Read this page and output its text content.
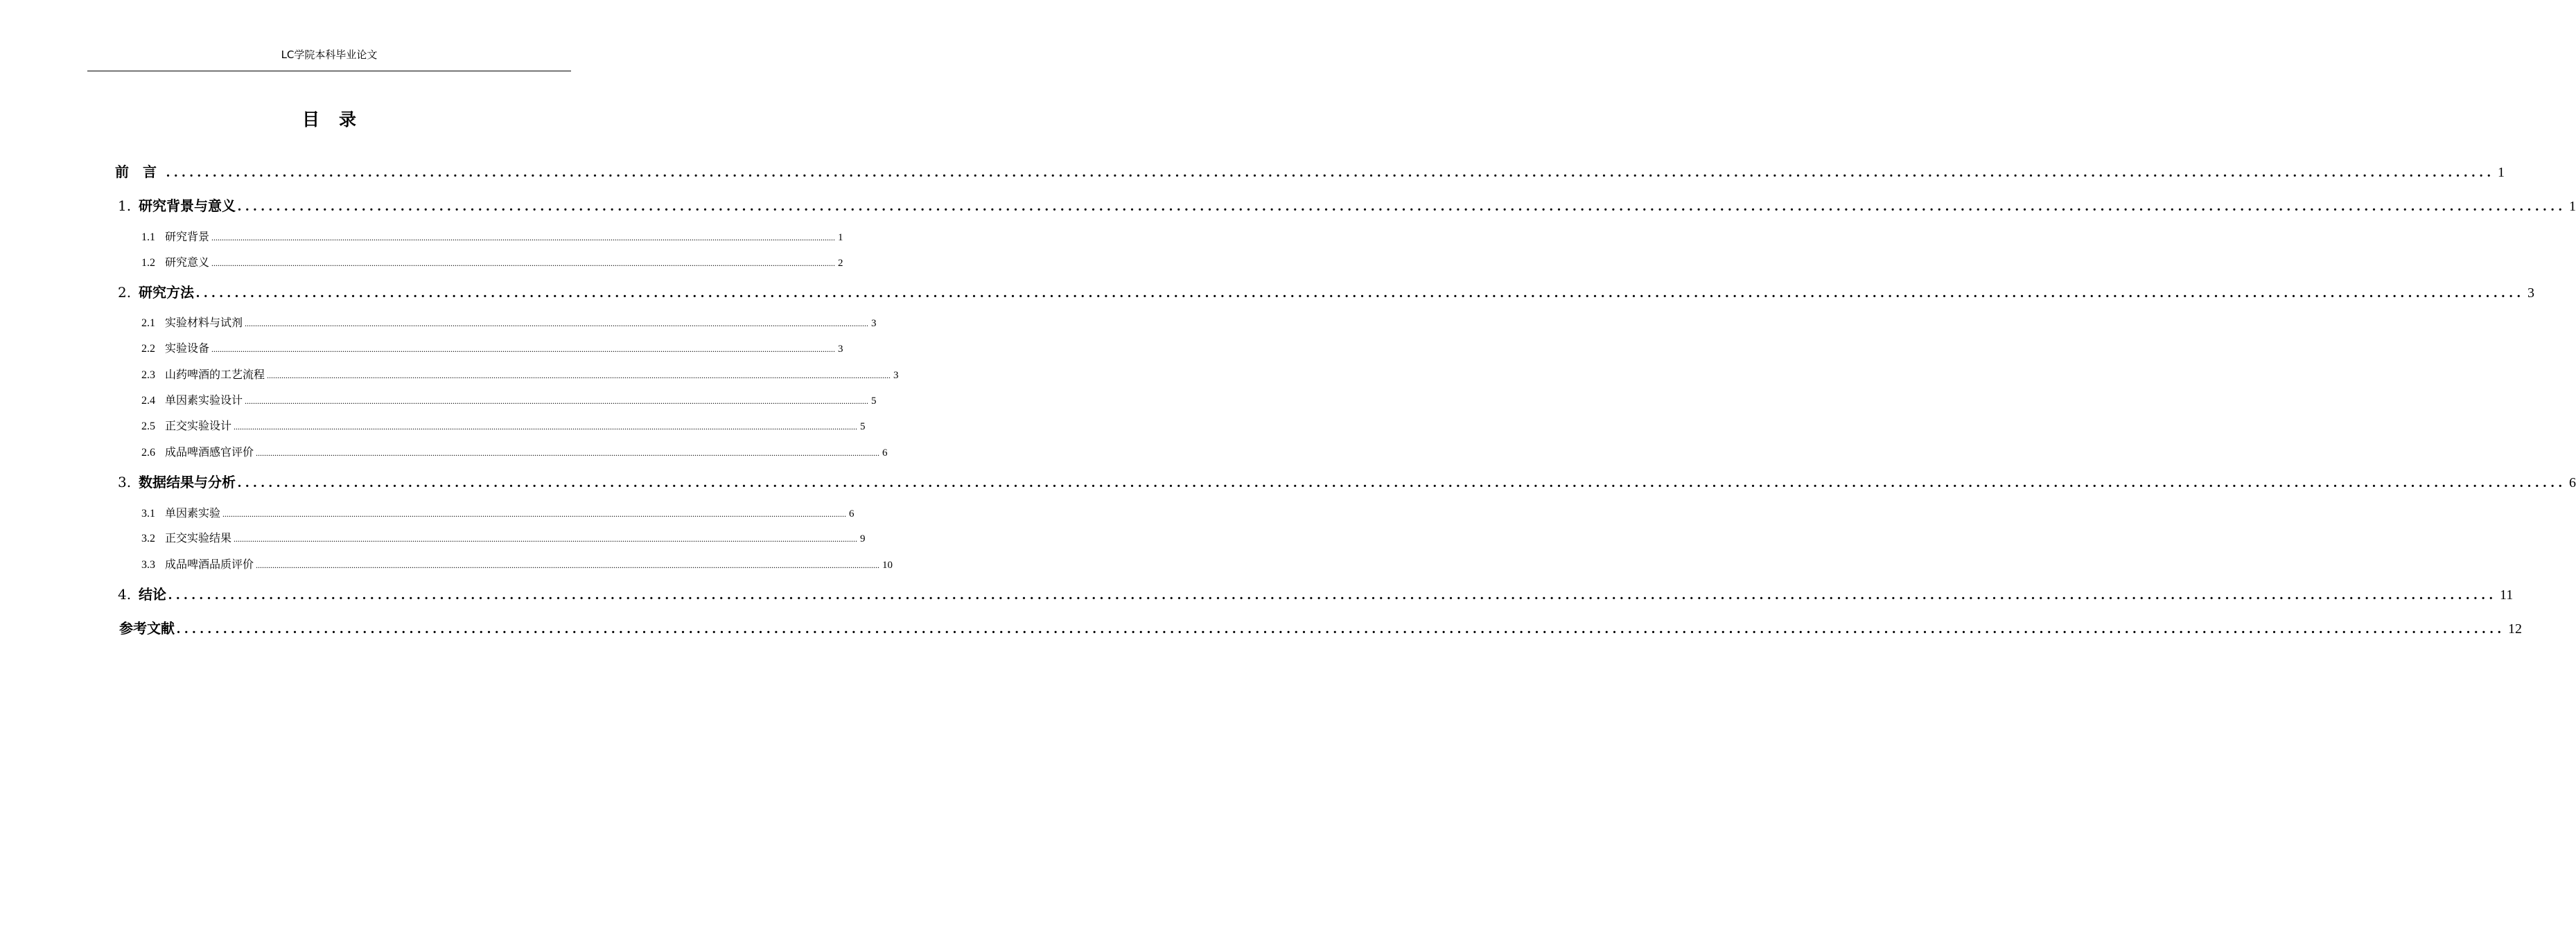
LC学院本科毕业论文
目录
前言
............................................................................................................................................................................................................................................................................................................ 1
1. 研究背景与意义 ............................................................................................................................................................................................................................................................................................................ 1
1.1 研究背景 ............................................................................................................................................................................................................................................................................................................ 1
1.2 研究意义 ............................................................................................................................................................................................................................................................................................................ 2
2. 研究方法 ............................................................................................................................................................................................................................................................................................................ 3
2.1 实验材料与试剂 ............................................................................................................................................................................................................................................................................................................ 3
2.2 实验设备 ............................................................................................................................................................................................................................................................................................................ 3
2.3 山药啤酒的工艺流程 ............................................................................................................................................................................................................................................................................................................ 3
2.4 单因素实验设计 ............................................................................................................................................................................................................................................................................................................ 5
2.5 正交实验设计 ............................................................................................................................................................................................................................................................................................................ 5
2.6 成品啤酒感官评价 ............................................................................................................................................................................................................................................................................................................ 6
3. 数据结果与分析 ............................................................................................................................................................................................................................................................................................................ 6
3.1 单因素实验 ............................................................................................................................................................................................................................................................................................................ 6
3.2 正交实验结果 ............................................................................................................................................................................................................................................................................................................ 9
3.3 成品啤酒品质评价 ............................................................................................................................................................................................................................................................................................................ 10
4. 结论 ............................................................................................................................................................................................................................................................................................................ 11
参考文献 ............................................................................................................................................................................................................................................................................................................ 12
